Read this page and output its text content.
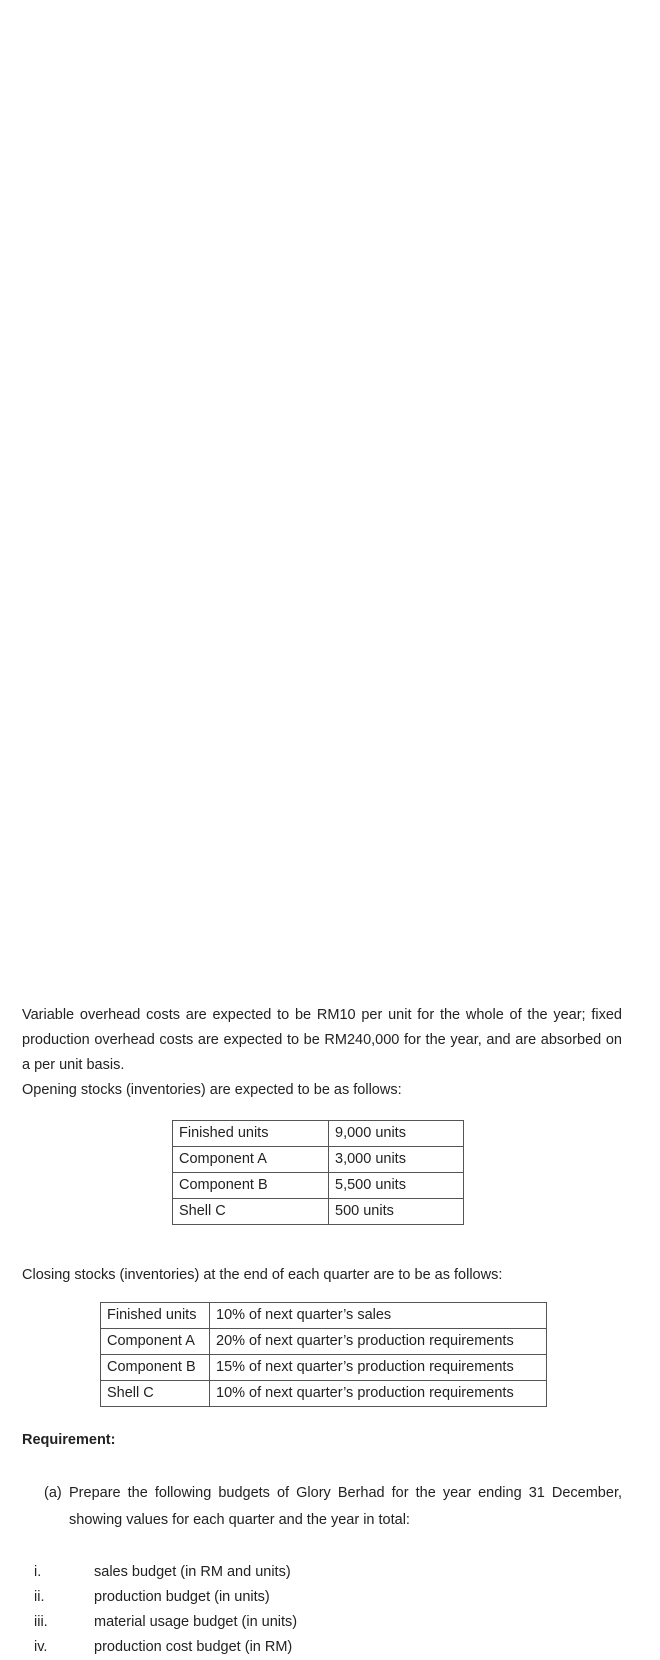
Variable overhead costs are expected to be RM10 per unit for the whole of the year; fixed production overhead costs are expected to be RM240,000 for the year, and are absorbed on a per unit basis.

Opening stocks (inventories) are expected to be as follows:

Finished units	9,000 units
Component A	3,000 units
Component B	5,500 units
Shell C	500 units

Closing stocks (inventories) at the end of each quarter are to be as follows:

Finished units	10% of next quarter’s sales
Component A	20% of next quarter’s production requirements
Component B	15% of next quarter’s production requirements
Shell C	10% of next quarter’s production requirements
Requirement:
(a) Prepare the following budgets of Glory Berhad for the year ending 31 December, showing values for each quarter and the year in total:
i.	sales budget (in RM and units)
ii.	production budget (in units)
iii.	material usage budget (in units)
iv.	production cost budget (in RM)
